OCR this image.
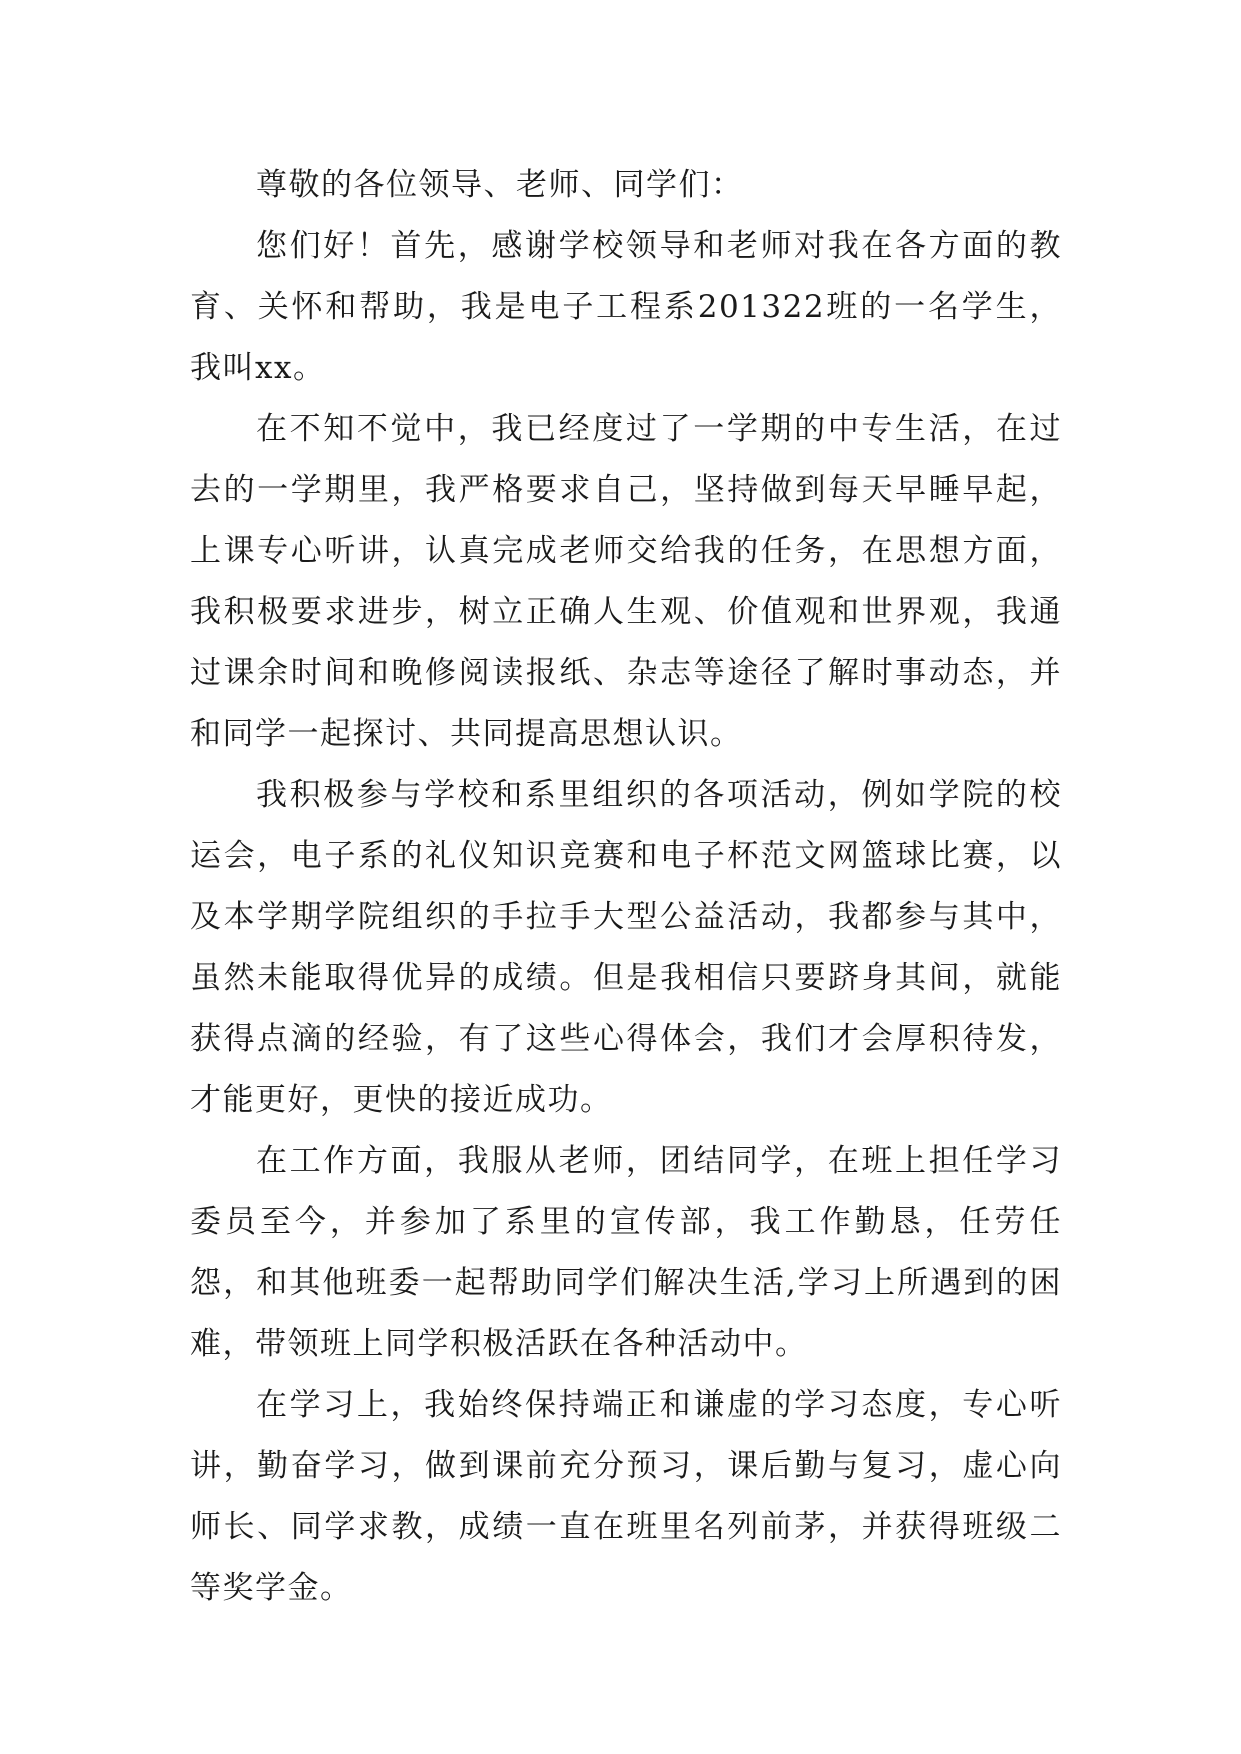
尊敬的各位领导、老师、同学们：

您们好！首先，感谢学校领导和老师对我在各方面的教育、关怀和帮助，我是电子工程系201322班的一名学生，我叫xx。

在不知不觉中，我已经度过了一学期的中专生活，在过去的一学期里，我严格要求自己，坚持做到每天早睡早起，上课专心听讲，认真完成老师交给我的任务，在思想方面，我积极要求进步，树立正确人生观、价值观和世界观，我通过课余时间和晚修阅读报纸、杂志等途径了解时事动态，并和同学一起探讨、共同提高思想认识。

我积极参与学校和系里组织的各项活动，例如学院的校运会，电子系的礼仪知识竞赛和电子杯范文网篮球比赛，以及本学期学院组织的手拉手大型公益活动，我都参与其中，虽然未能取得优异的成绩。但是我相信只要跻身其间，就能获得点滴的经验，有了这些心得体会，我们才会厚积待发，才能更好，更快的接近成功。

在工作方面，我服从老师，团结同学，在班上担任学习委员至今，并参加了系里的宣传部，我工作勤恳，任劳任怨，和其他班委一起帮助同学们解决生活,学习上所遇到的困难，带领班上同学积极活跃在各种活动中。

在学习上，我始终保持端正和谦虚的学习态度，专心听讲，勤奋学习，做到课前充分预习，课后勤与复习，虚心向师长、同学求教，成绩一直在班里名列前茅，并获得班级二等奖学金。
